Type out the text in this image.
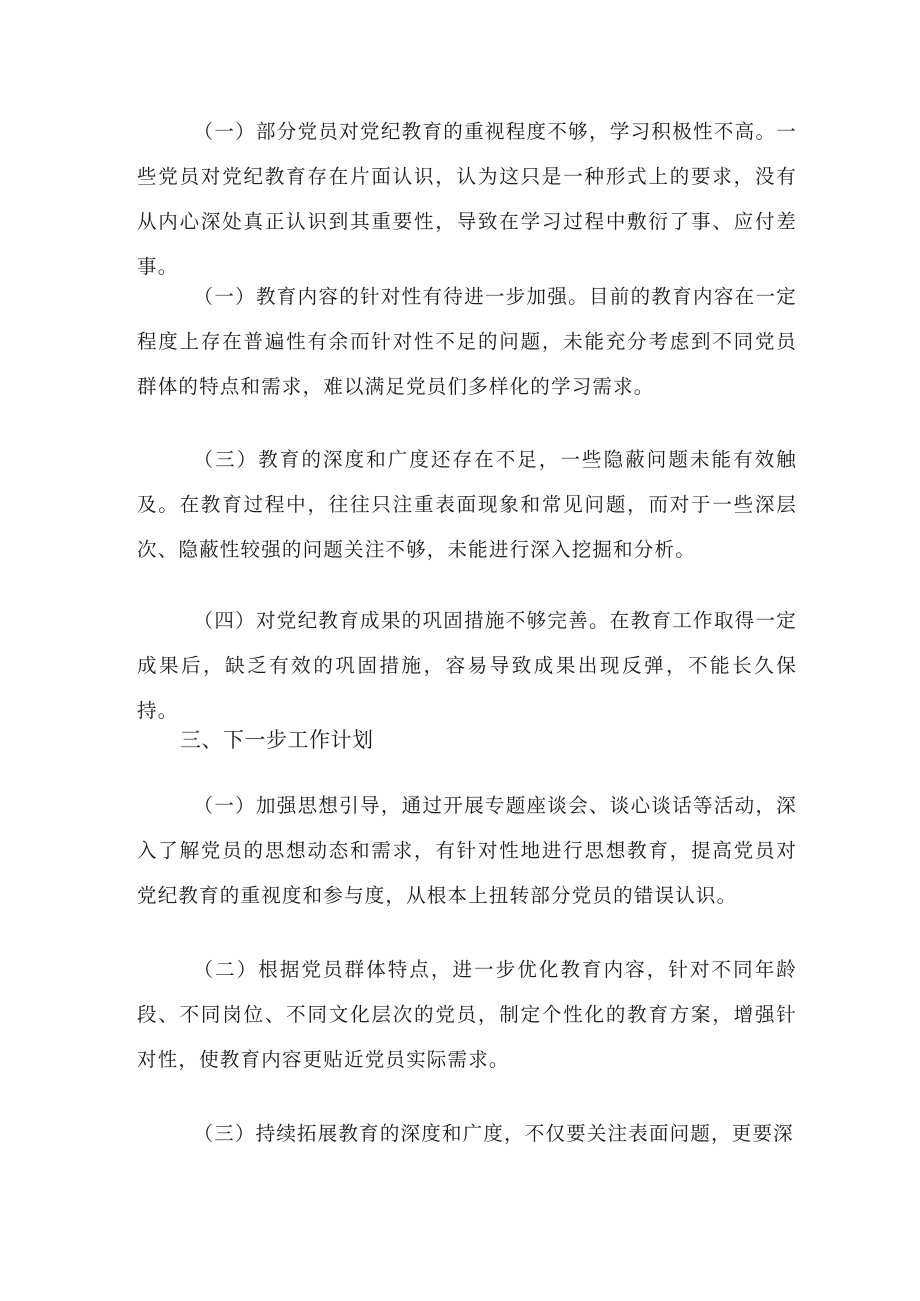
（一）部分党员对党纪教育的重视程度不够，学习积极性不高。一些党员对党纪教育存在片面认识，认为这只是一种形式上的要求，没有从内心深处真正认识到其重要性，导致在学习过程中敷衍了事、应付差事。

（一）教育内容的针对性有待进一步加强。目前的教育内容在一定程度上存在普遍性有余而针对性不足的问题，未能充分考虑到不同党员群体的特点和需求，难以满足党员们多样化的学习需求。

（三）教育的深度和广度还存在不足，一些隐蔽问题未能有效触及。在教育过程中，往往只注重表面现象和常见问题，而对于一些深层次、隐蔽性较强的问题关注不够，未能进行深入挖掘和分析。

（四）对党纪教育成果的巩固措施不够完善。在教育工作取得一定成果后，缺乏有效的巩固措施，容易导致成果出现反弹，不能长久保持。

三、下一步工作计划

（一）加强思想引导，通过开展专题座谈会、谈心谈话等活动，深入了解党员的思想动态和需求，有针对性地进行思想教育，提高党员对党纪教育的重视度和参与度，从根本上扭转部分党员的错误认识。

（二）根据党员群体特点，进一步优化教育内容，针对不同年龄段、不同岗位、不同文化层次的党员，制定个性化的教育方案，增强针对性，使教育内容更贴近党员实际需求。

（三）持续拓展教育的深度和广度，不仅要关注表面问题，更要深
